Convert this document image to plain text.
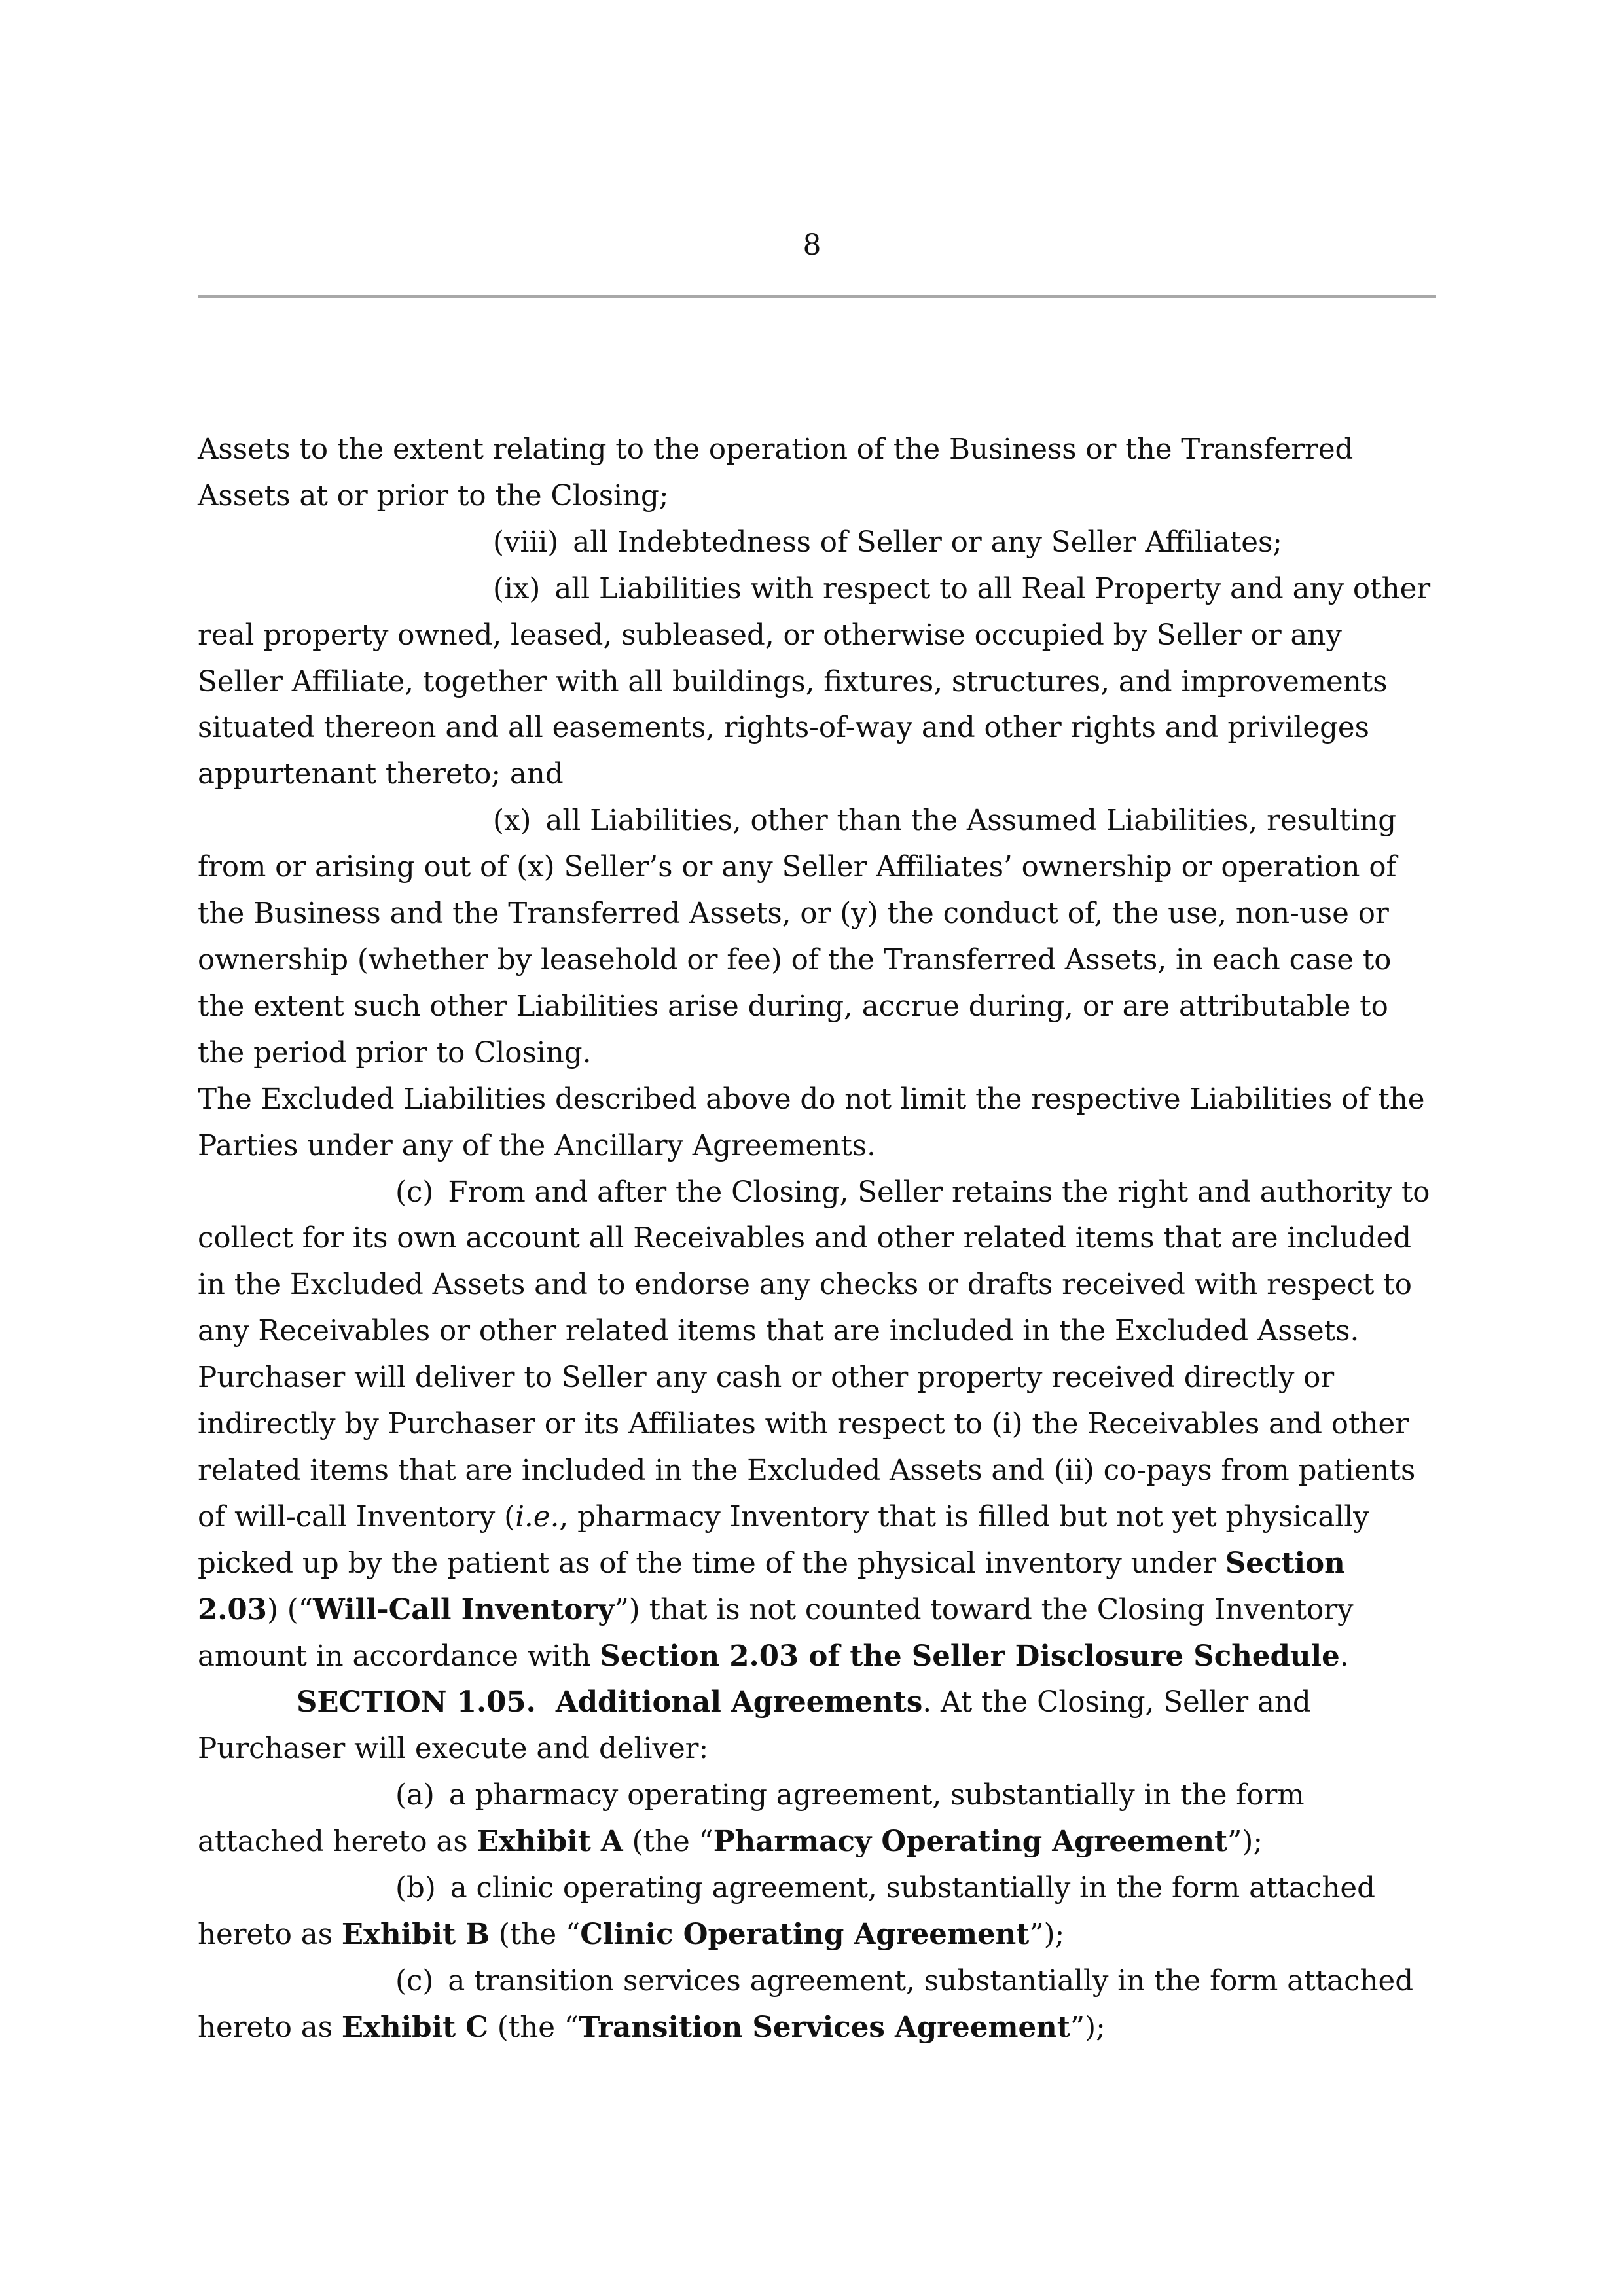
8

Assets to the extent relating to the operation of the Business or the Transferred Assets at or prior to the Closing;

(viii) all Indebtedness of Seller or any Seller Affiliates;

(ix) all Liabilities with respect to all Real Property and any other real property owned, leased, subleased, or otherwise occupied by Seller or any Seller Affiliate, together with all buildings, fixtures, structures, and improvements situated thereon and all easements, rights-of-way and other rights and privileges appurtenant thereto; and

(x) all Liabilities, other than the Assumed Liabilities, resulting from or arising out of (x) Seller’s or any Seller Affiliates’ ownership or operation of the Business and the Transferred Assets, or (y) the conduct of, the use, non-use or ownership (whether by leasehold or fee) of the Transferred Assets, in each case to the extent such other Liabilities arise during, accrue during, or are attributable to the period prior to Closing.

The Excluded Liabilities described above do not limit the respective Liabilities of the Parties under any of the Ancillary Agreements.

(c) From and after the Closing, Seller retains the right and authority to collect for its own account all Receivables and other related items that are included in the Excluded Assets and to endorse any checks or drafts received with respect to any Receivables or other related items that are included in the Excluded Assets. Purchaser will deliver to Seller any cash or other property received directly or indirectly by Purchaser or its Affiliates with respect to (i) the Receivables and other related items that are included in the Excluded Assets and (ii) co-pays from patients of will-call Inventory (i.e., pharmacy Inventory that is filled but not yet physically picked up by the patient as of the time of the physical inventory under Section 2.03) (“Will-Call Inventory”) that is not counted toward the Closing Inventory amount in accordance with Section 2.03 of the Seller Disclosure Schedule.

SECTION 1.05. Additional Agreements. At the Closing, Seller and Purchaser will execute and deliver:

(a) a pharmacy operating agreement, substantially in the form attached hereto as Exhibit A (the “Pharmacy Operating Agreement”);

(b) a clinic operating agreement, substantially in the form attached hereto as Exhibit B (the “Clinic Operating Agreement”);

(c) a transition services agreement, substantially in the form attached hereto as Exhibit C (the “Transition Services Agreement”);
